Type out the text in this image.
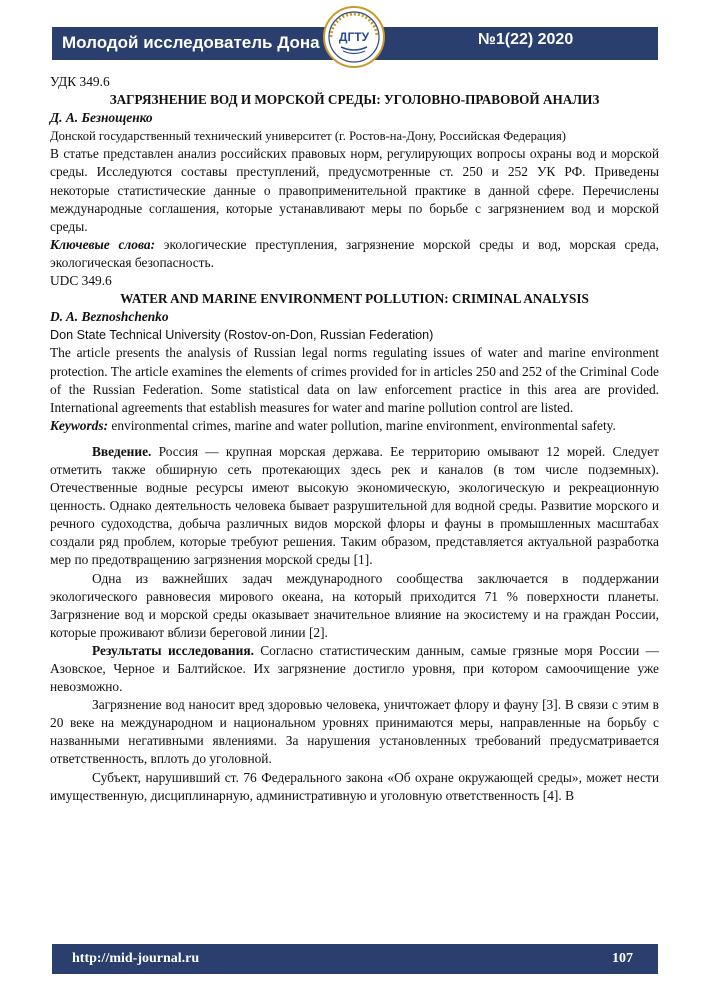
Молодой исследователь Дона	№1(22) 2020
ДГТУ

УДК 349.6

ЗАГРЯЗНЕНИЕ ВОД И МОРСКОЙ СРЕДЫ: УГОЛОВНО-ПРАВОВОЙ АНАЛИЗ

Д. А. Безнощенко

Донской государственный технический университет (г. Ростов-на-Дону, Российская Федерация)

В статье представлен анализ российских правовых норм, регулирующих вопросы охраны вод и морской среды. Исследуются составы преступлений, предусмотренные ст. 250 и 252 УК РФ. Приведены некоторые статистические данные о правоприменительной практике в данной сфере. Перечислены международные соглашения, которые устанавливают меры по борьбе с загрязнением вод и морской среды.

Ключевые слова: экологические преступления, загрязнение морской среды и вод, морская среда, экологическая безопасность.

UDC 349.6

WATER AND MARINE ENVIRONMENT POLLUTION: CRIMINAL ANALYSIS

D. A. Beznoshchenko

Don State Technical University (Rostov-on-Don, Russian Federation)

The article presents the analysis of Russian legal norms regulating issues of water and marine environment protection. The article examines the elements of crimes provided for in articles 250 and 252 of the Criminal Code of the Russian Federation. Some statistical data on law enforcement practice in this area are provided. International agreements that establish measures for water and marine pollution control are listed.

Keywords: environmental crimes, marine and water pollution, marine environment, environmental safety.

Введение. Россия — крупная морская держава. Ее территорию омывают 12 морей. Следует отметить также обширную сеть протекающих здесь рек и каналов (в том числе подземных). Отечественные водные ресурсы имеют высокую экономическую, экологическую и рекреационную ценность. Однако деятельность человека бывает разрушительной для водной среды. Развитие морского и речного судоходства, добыча различных видов морской флоры и фауны в промышленных масштабах создали ряд проблем, которые требуют решения. Таким образом, представляется актуальной разработка мер по предотвращению загрязнения морской среды [1].

Одна из важнейших задач международного сообщества заключается в поддержании экологического равновесия мирового океана, на который приходится 71 % поверхности планеты. Загрязнение вод и морской среды оказывает значительное влияние на экосистему и на граждан России, которые проживают вблизи береговой линии [2].

Результаты исследования. Согласно статистическим данным, самые грязные моря России — Азовское, Черное и Балтийское. Их загрязнение достигло уровня, при котором самоочищение уже невозможно.

Загрязнение вод наносит вред здоровью человека, уничтожает флору и фауну [3]. В связи с этим в 20 веке на международном и национальном уровнях принимаются меры, направленные на борьбу с названными негативными явлениями. За нарушения установленных требований предусматривается ответственность, вплоть до уголовной.

Субъект, нарушивший ст. 76 Федерального закона «Об охране окружающей среды», может нести имущественную, дисциплинарную, административную и уголовную ответственность [4]. В

http://mid-journal.ru	107
